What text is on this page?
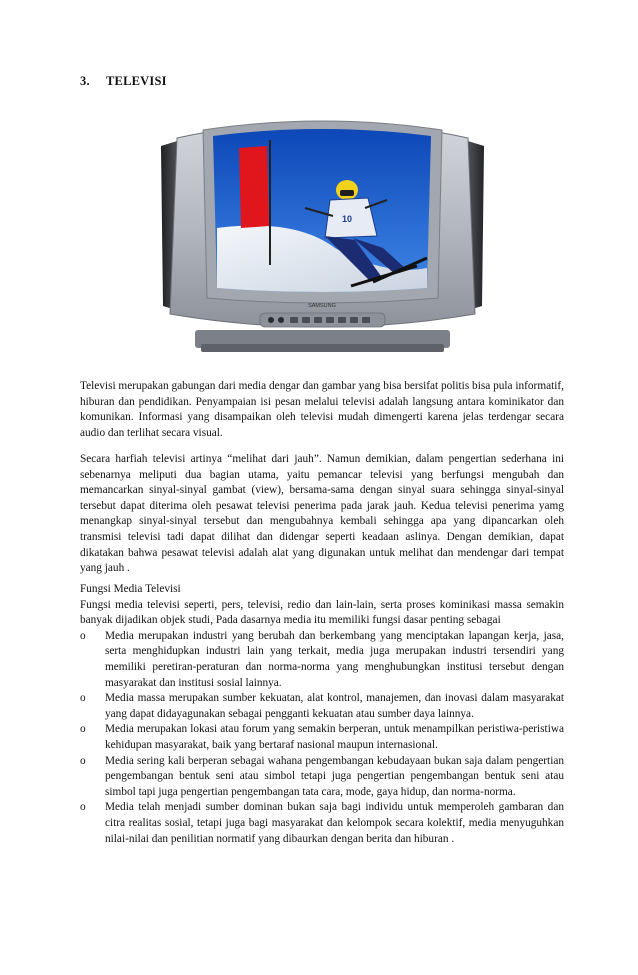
3. TELEVISI
10
SAMSUNG

Televisi merupakan gabungan dari media dengar dan gambar yang bisa bersifat politis bisa pula informatif, hiburan dan pendidikan. Penyampaian isi pesan melalui televisi adalah langsung antara kominikator dan komunikan. Informasi yang disampaikan oleh televisi mudah dimengerti karena jelas terdengar secara audio dan terlihat secara visual.

Secara harfiah televisi artinya “melihat dari jauh”. Namun demikian, dalam pengertian sederhana ini sebenarnya meliputi dua bagian utama, yaitu pemancar televisi yang berfungsi mengubah dan memancarkan sinyal-sinyal gambat (view), bersama-sama dengan sinyal suara sehingga sinyal-sinyal tersebut dapat diterima oleh pesawat televisi penerima pada jarak jauh. Kedua televisi penerima yamg menangkap sinyal-sinyal tersebut dan mengubahnya kembali sehingga apa yang dipancarkan oleh transmisi televisi tadi dapat dilihat dan didengar seperti keadaan aslinya. Dengan demikian, dapat dikatakan bahwa pesawat televisi adalah alat yang digunakan untuk melihat dan mendengar dari tempat yang jauh .

Fungsi Media Televisi

Fungsi media televisi seperti, pers, televisi, redio dan lain-lain, serta proses kominikasi massa semakin banyak dijadikan objek studi, Pada dasarnya media itu memiliki fungsi dasar penting sebagai

o Media merupakan industri yang berubah dan berkembang yang menciptakan lapangan kerja, jasa, serta menghidupkan industri lain yang terkait, media juga merupakan industri tersendiri yang memiliki peretiran-peraturan dan norma-norma yang menghubungkan institusi tersebut dengan masyarakat dan institusi sosial lainnya.
o Media massa merupakan sumber kekuatan, alat kontrol, manajemen, dan inovasi dalam masyarakat yang dapat didayagunakan sebagai pengganti kekuatan atau sumber daya lainnya.
o Media merupakan lokasi atau forum yang semakin berperan, untuk menampilkan peristiwa-peristiwa kehidupan masyarakat, baik yang bertaraf nasional maupun internasional.
o Media sering kali berperan sebagai wahana pengembangan kebudayaan bukan saja dalam pengertian pengembangan bentuk seni atau simbol tetapi juga pengertian pengembangan bentuk seni atau simbol tapi juga pengertian pengembangan tata cara, mode, gaya hidup, dan norma-norma.
o Media telah menjadi sumber dominan bukan saja bagi individu untuk memperoleh gambaran dan citra realitas sosial, tetapi juga bagi masyarakat dan kelompok secara kolektif, media menyuguhkan nilai-nilai dan penilitian normatif yang dibaurkan dengan berita dan hiburan .
